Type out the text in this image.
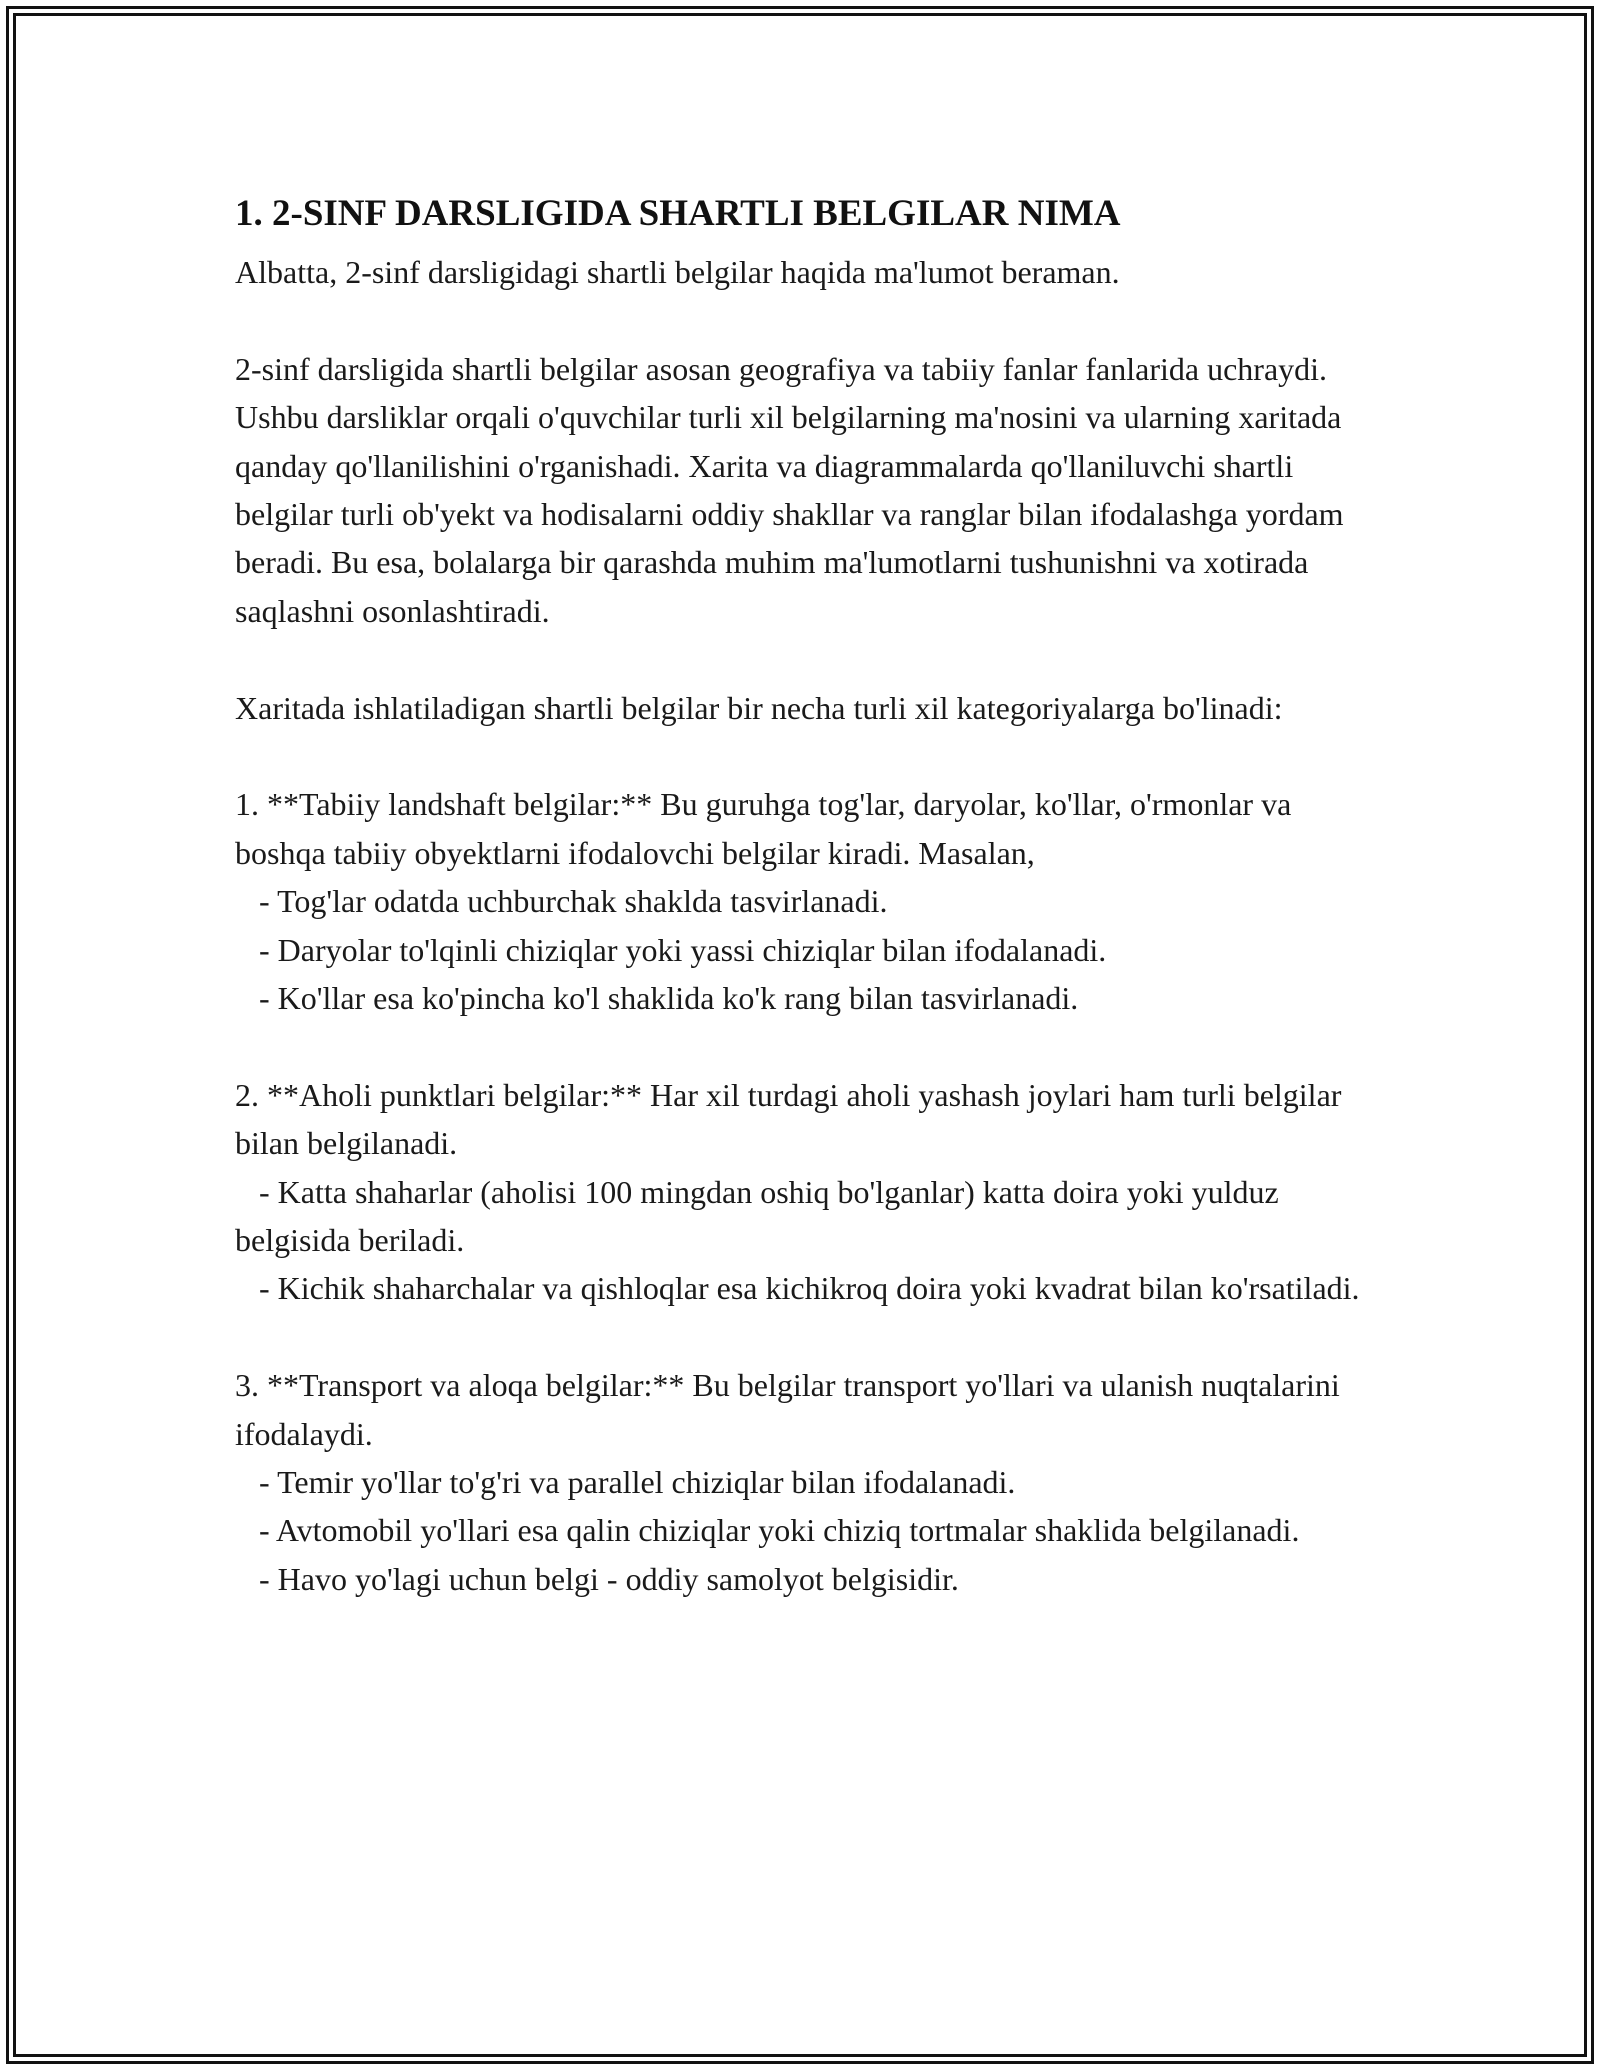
1. 2-SINF DARSLIGIDA SHARTLI BELGILAR NIMA

Albatta, 2-sinf darsligidagi shartli belgilar haqida ma'lumot beraman.

2-sinf darsligida shartli belgilar asosan geografiya va tabiiy fanlar fanlarida uchraydi. Ushbu darsliklar orqali o'quvchilar turli xil belgilarning ma'nosini va ularning xaritada qanday qo'llanilishini o'rganishadi. Xarita va diagrammalarda qo'llaniluvchi shartli belgilar turli ob'yekt va hodisalarni oddiy shakllar va ranglar bilan ifodalashga yordam beradi. Bu esa, bolalarga bir qarashda muhim ma'lumotlarni tushunishni va xotirada saqlashni osonlashtiradi.

Xaritada ishlatiladigan shartli belgilar bir necha turli xil kategoriyalarga bo'linadi:

1. **Tabiiy landshaft belgilar:** Bu guruhga tog'lar, daryolar, ko'llar, o'rmonlar va boshqa tabiiy obyektlarni ifodalovchi belgilar kiradi. Masalan,

- Tog'lar odatda uchburchak shaklda tasvirlanadi.

- Daryolar to'lqinli chiziqlar yoki yassi chiziqlar bilan ifodalanadi.

- Ko'llar esa ko'pincha ko'l shaklida ko'k rang bilan tasvirlanadi.

2. **Aholi punktlari belgilar:** Har xil turdagi aholi yashash joylari ham turli belgilar bilan belgilanadi.

- Katta shaharlar (aholisi 100 mingdan oshiq bo'lganlar) katta doira yoki yulduz belgisida beriladi.

- Kichik shaharchalar va qishloqlar esa kichikroq doira yoki kvadrat bilan ko'rsatiladi.

3. **Transport va aloqa belgilar:** Bu belgilar transport yo'llari va ulanish nuqtalarini ifodalaydi.

- Temir yo'llar to'g'ri va parallel chiziqlar bilan ifodalanadi.

- Avtomobil yo'llari esa qalin chiziqlar yoki chiziq tortmalar shaklida belgilanadi.

- Havo yo'lagi uchun belgi - oddiy samolyot belgisidir.
